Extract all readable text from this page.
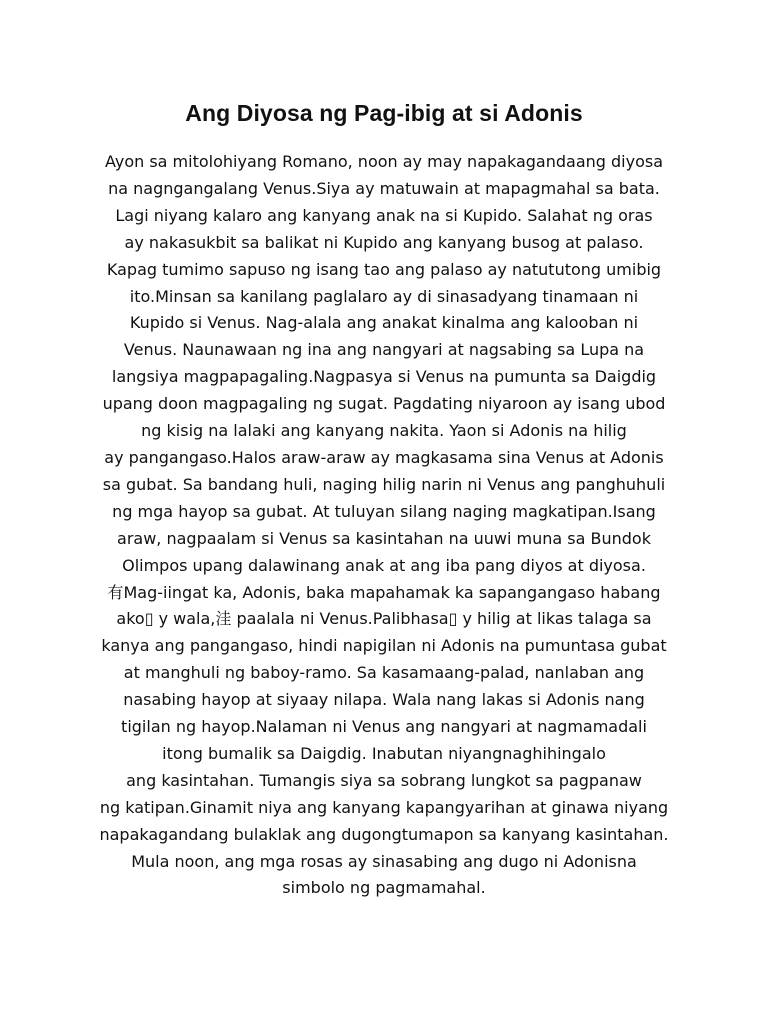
Ang Diyosa ng Pag-ibig at si Adonis
Ayon sa mitolohiyang Romano, noon ay may napakagandaang diyosa
na nagngangalang Venus.Siya ay matuwain at mapagmahal sa bata.
Lagi niyang kalaro ang kanyang anak na si Kupido. Salahat ng oras
ay nakasukbit sa balikat ni Kupido ang kanyang busog at palaso.
Kapag tumimo sapuso ng isang tao ang palaso ay natututong umibig
ito.Minsan sa kanilang paglalaro ay di sinasadyang tinamaan ni
Kupido si Venus. Nag-alala ang anakat kinalma ang kalooban ni
Venus. Naunawaan ng ina ang nangyari at nagsabing sa Lupa na
langsiya magpapagaling.Nagpasya si Venus na pumunta sa Daigdig
upang doon magpagaling ng sugat. Pagdating niyaroon ay isang ubod
ng kisig na lalaki ang kanyang nakita. Yaon si Adonis na hilig
ay pangangaso.Halos araw-araw ay magkasama sina Venus at Adonis
sa gubat. Sa bandang huli, naging hilig narin ni Venus ang panghuhuli
ng mga hayop sa gubat. At tuluyan silang naging magkatipan.Isang
araw, nagpaalam si Venus sa kasintahan na uuwi muna sa Bundok
Olimpos upang dalawinang anak at ang iba pang diyos at diyosa.
有Mag-iingat ka, Adonis, baka mapahamak ka sapangangaso habang
ako▯ y wala,洼 paalala ni Venus.Palibhasa▯ y hilig at likas talaga sa
kanya ang pangangaso, hindi napigilan ni Adonis na pumuntasa gubat
at manghuli ng baboy-ramo. Sa kasamaang-palad, nanlaban ang
nasabing hayop at siyaay nilapa. Wala nang lakas si Adonis nang
tigilan ng hayop.Nalaman ni Venus ang nangyari at nagmamadali
itong bumalik sa Daigdig. Inabutan niyangnaghihingalo
ang kasintahan. Tumangis siya sa sobrang lungkot sa pagpanaw
ng katipan.Ginamit niya ang kanyang kapangyarihan at ginawa niyang
napakagandang bulaklak ang dugongtumapon sa kanyang kasintahan.
Mula noon, ang mga rosas ay sinasabing ang dugo ni Adonisna
simbolo ng pagmamahal.
